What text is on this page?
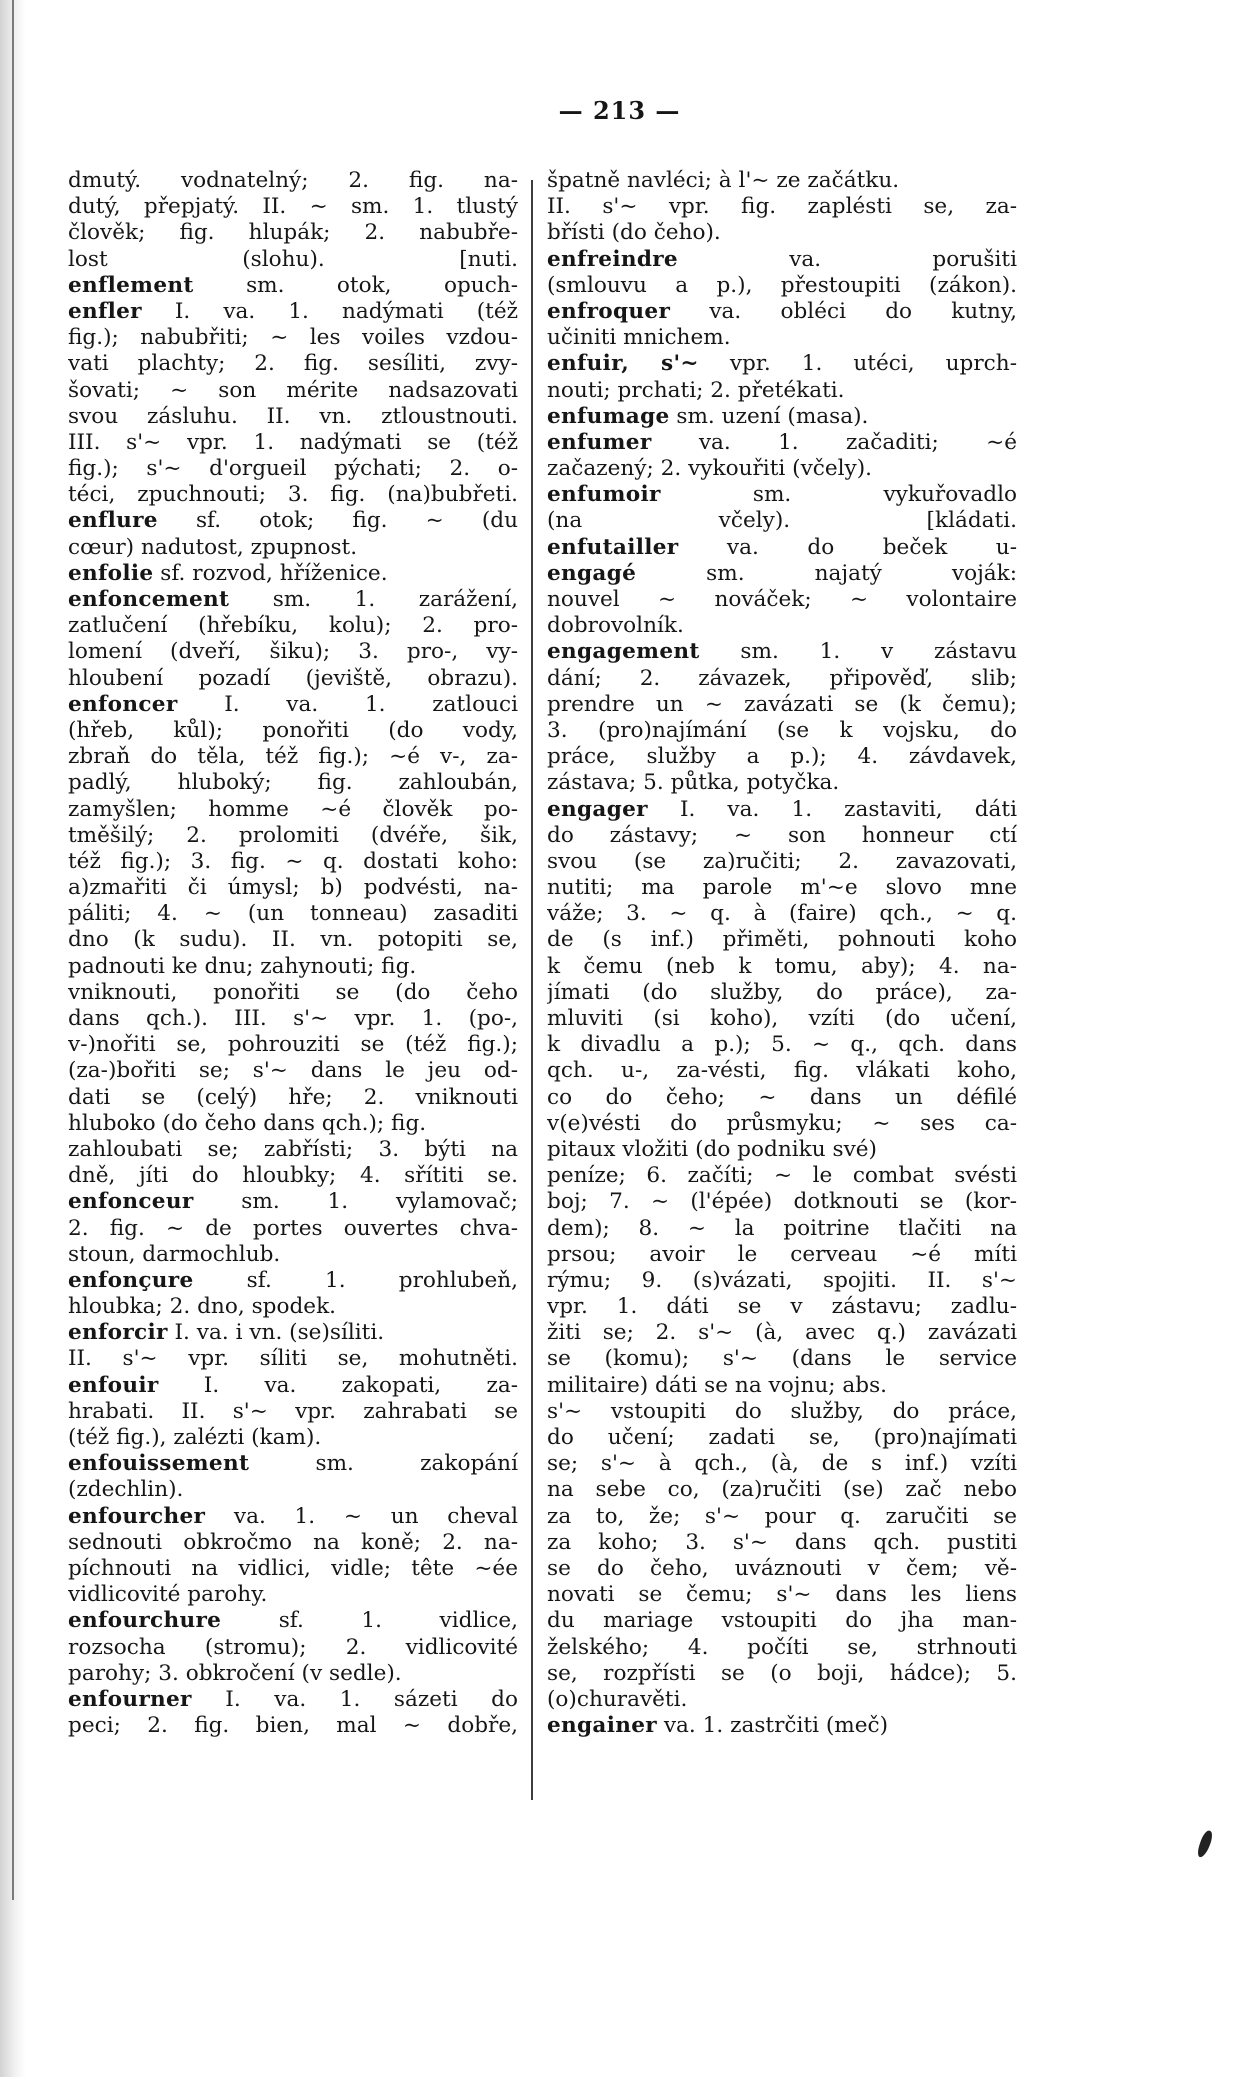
— 213 —
dmutý. vodnatelný; 2. fig. na-
dutý, přepjatý. II. ~ sm. 1. tlustý
člověk; fig. hlupák; 2. nabubře-
lost (slohu). [nuti.
enflement sm. otok, opuch-
enfler I. va. 1. nadýmati (též
fig.); nabubřiti; ~ les voiles vzdou-
vati plachty; 2. fig. sesíliti, zvy-
šovati; ~ son mérite nadsazovati
svou zásluhu. II. vn. ztloustnouti.
III. s'~ vpr. 1. nadýmati se (též
fig.); s'~ d'orgueil pýchati; 2. o-
téci, zpuchnouti; 3. fig. (na)bubřeti.
enflure sf. otok; fig. ~ (du
cœur) nadutost, zpupnost.
enfolie sf. rozvod, hříženice.
enfoncement sm. 1. zarážení,
zatlučení (hřebíku, kolu); 2. pro-
lomení (dveří, šiku); 3. pro-, vy-
hloubení pozadí (jeviště, obrazu).
enfoncer I. va. 1. zatlouci
(hřeb, kůl); ponořiti (do vody,
zbraň do těla, též fig.); ~é v-, za-
padlý, hluboký; fig. zahloubán,
zamyšlen; homme ~é člověk po-
tměšilý; 2. prolomiti (dvéře, šik,
též fig.); 3. fig. ~ q. dostati koho:
a)zmařiti či úmysl; b) podvésti, na-
páliti; 4. ~ (un tonneau) zasaditi
dno (k sudu). II. vn. potopiti se,
padnouti ke dnu; zahynouti; fig.
vniknouti, ponořiti se (do čeho
dans qch.). III. s'~ vpr. 1. (po-,
v-)nořiti se, pohrouziti se (též fig.);
(za-)bořiti se; s'~ dans le jeu od-
dati se (celý) hře; 2. vniknouti
hluboko (do čeho dans qch.); fig.
zahloubati se; zabřísti; 3. býti na
dně, jíti do hloubky; 4. sřítiti se.
enfonceur sm. 1. vylamovač;
2. fig. ~ de portes ouvertes chva-
stoun, darmochlub.
enfonçure sf. 1. prohlubeň,
hloubka; 2. dno, spodek.
enforcir I. va. i vn. (se)síliti.
II. s'~ vpr. síliti se, mohutněti.
enfouir I. va. zakopati, za-
hrabati. II. s'~ vpr. zahrabati se
(též fig.), zalézti (kam).
enfouissement sm. zakopání
(zdechlin).
enfourcher va. 1. ~ un cheval
sednouti obkročmo na koně; 2. na-
píchnouti na vidlici, vidle; tête ~ée
vidlicovité parohy.
enfourchure sf. 1. vidlice,
rozsocha (stromu); 2. vidlicovité
parohy; 3. obkročení (v sedle).
enfourner I. va. 1. sázeti do
peci; 2. fig. bien, mal ~ dobře,
špatně navléci; à l'~ ze začátku.
II. s'~ vpr. fig. zaplésti se, za-
břísti (do čeho).
enfreindre va. porušiti
(smlouvu a p.), přestoupiti (zákon).
enfroquer va. obléci do kutny,
učiniti mnichem.
enfuir, s'~ vpr. 1. utéci, uprch-
nouti; prchati; 2. přetékati.
enfumage sm. uzení (masa).
enfumer va. 1. začaditi; ~é
začazený; 2. vykouřiti (včely).
enfumoir sm. vykuřovadlo
(na včely). [kládati.
enfutailler va. do beček u-
engagé sm. najatý voják:
nouvel ~ nováček; ~ volontaire
dobrovolník.
engagement sm. 1. v zástavu
dání; 2. závazek, připověď, slib;
prendre un ~ zavázati se (k čemu);
3. (pro)najímání (se k vojsku, do
práce, služby a p.); 4. závdavek,
zástava; 5. půtka, potyčka.
engager I. va. 1. zastaviti, dáti
do zástavy; ~ son honneur ctí
svou (se za)ručiti; 2. zavazovati,
nutiti; ma parole m'~e slovo mne
váže; 3. ~ q. à (faire) qch., ~ q.
de (s inf.) přiměti, pohnouti koho
k čemu (neb k tomu, aby); 4. na-
jímati (do služby, do práce), za-
mluviti (si koho), vzíti (do učení,
k divadlu a p.); 5. ~ q., qch. dans
qch. u-, za-vésti, fig. vlákati koho,
co do čeho; ~ dans un défilé
v(e)vésti do průsmyku; ~ ses ca-
pitaux vložiti (do podniku své)
peníze; 6. začíti; ~ le combat svésti
boj; 7. ~ (l'épée) dotknouti se (kor-
dem); 8. ~ la poitrine tlačiti na
prsou; avoir le cerveau ~é míti
rýmu; 9. (s)vázati, spojiti. II. s'~
vpr. 1. dáti se v zástavu; zadlu-
žiti se; 2. s'~ (à, avec q.) zavázati
se (komu); s'~ (dans le service
militaire) dáti se na vojnu; abs.
s'~ vstoupiti do služby, do práce,
do učení; zadati se, (pro)najímati
se; s'~ à qch., (à, de s inf.) vzíti
na sebe co, (za)ručiti (se) zač nebo
za to, že; s'~ pour q. zaručiti se
za koho; 3. s'~ dans qch. pustiti
se do čeho, uváznouti v čem; vě-
novati se čemu; s'~ dans les liens
du mariage vstoupiti do jha man-
želského; 4. počíti se, strhnouti
se, rozpřísti se (o boji, hádce); 5.
(o)churavěti.
engainer va. 1. zastrčiti (meč)
